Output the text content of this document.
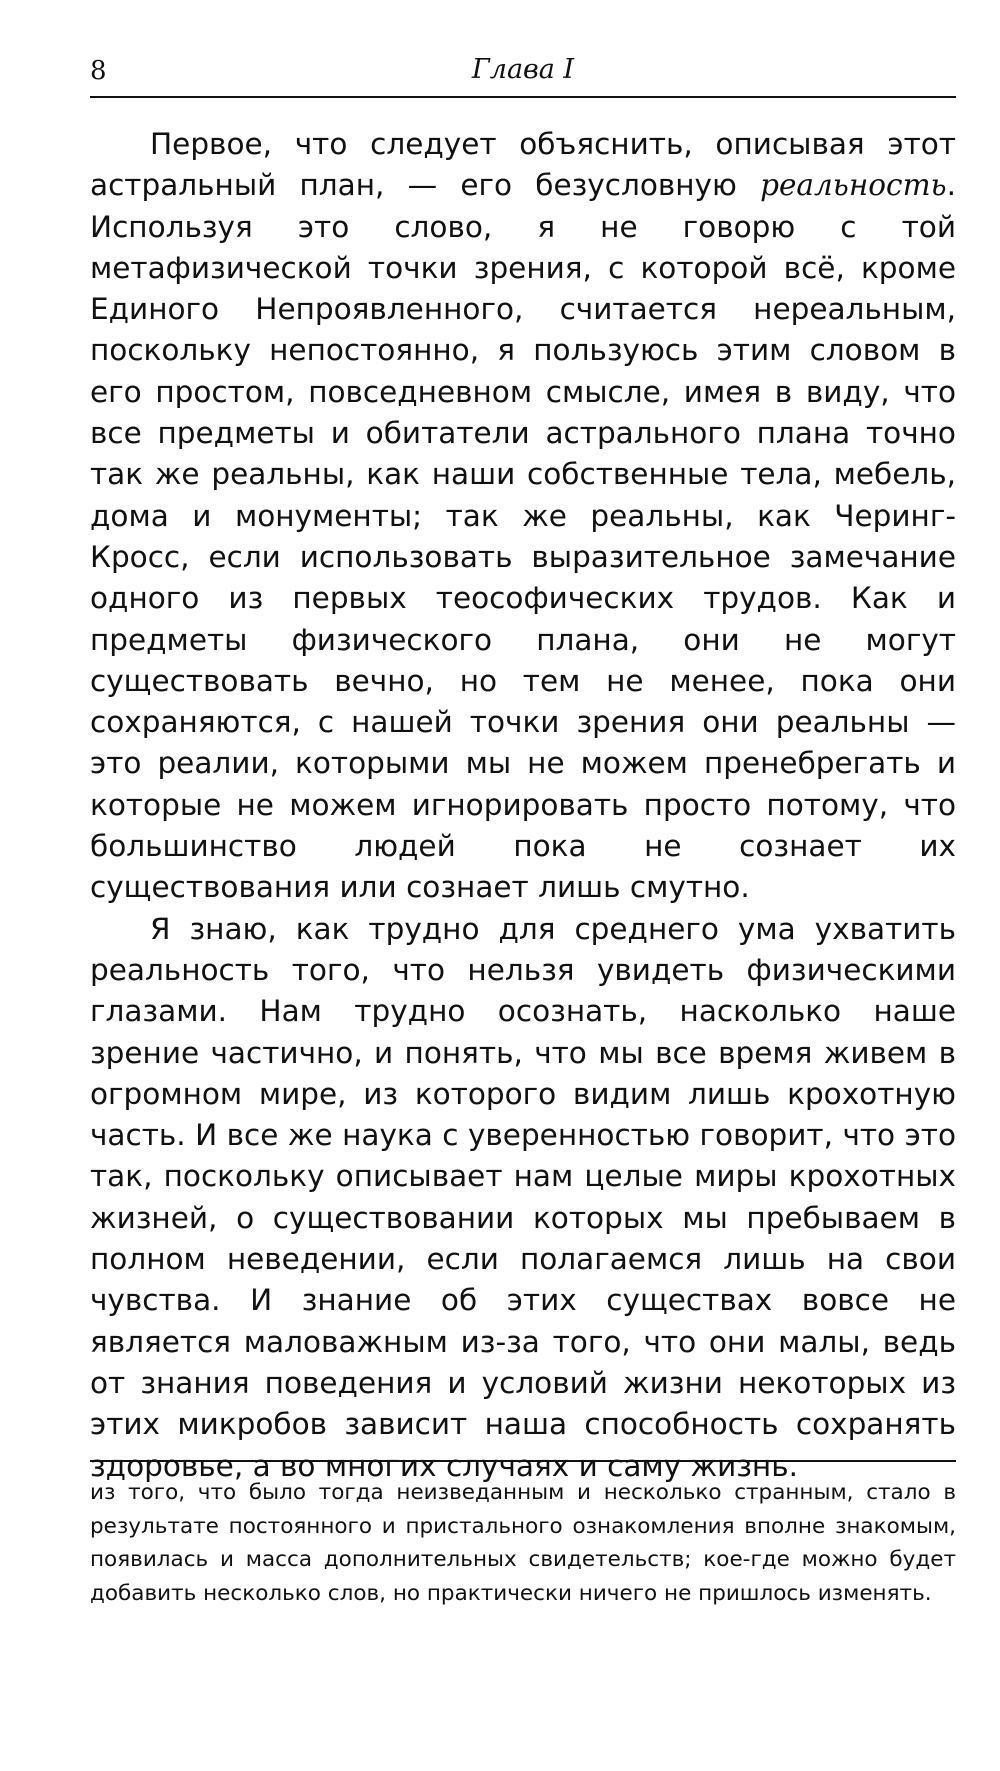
8	Глава I

Первое, что следует объяснить, описывая этот астральный план, — его безусловную реальность. Используя это слово, я не говорю с той метафизической точки зрения, с которой всё, кроме Единого Непроявленного, считается нереальным, поскольку непостоянно, я пользуюсь этим словом в его простом, повседневном смысле, имея в виду, что все предметы и обитатели астрального плана точно так же реальны, как наши собственные тела, мебель, дома и монументы; так же реальны, как Черинг-Кросс, если использовать выразительное замечание одного из первых теософических трудов. Как и предметы физического плана, они не могут существовать вечно, но тем не менее, пока они сохраняются, с нашей точки зрения они реальны — это реалии, которыми мы не можем пренебрегать и которые не можем игнорировать просто потому, что большинство людей пока не сознает их существования или сознает лишь смутно.

Я знаю, как трудно для среднего ума ухватить реальность того, что нельзя увидеть физическими глазами. Нам трудно осознать, насколько наше зрение частично, и понять, что мы все время живем в огромном мире, из которого видим лишь крохотную часть. И все же наука с уверенностью говорит, что это так, поскольку описывает нам целые миры крохотных жизней, о существовании которых мы пребываем в полном неведении, если полагаемся лишь на свои чувства. И знание об этих существах вовсе не является маловажным из-за того, что они малы, ведь от знания поведения и условий жизни некоторых из этих микробов зависит наша способность сохранять здоровье, а во многих случаях и саму жизнь.

из того, что было тогда неизведанным и несколько странным, стало в результате постоянного и пристального ознакомления вполне знакомым, появилась и масса дополнительных свидетельств; кое-где можно будет добавить несколько слов, но практически ничего не пришлось изменять.
